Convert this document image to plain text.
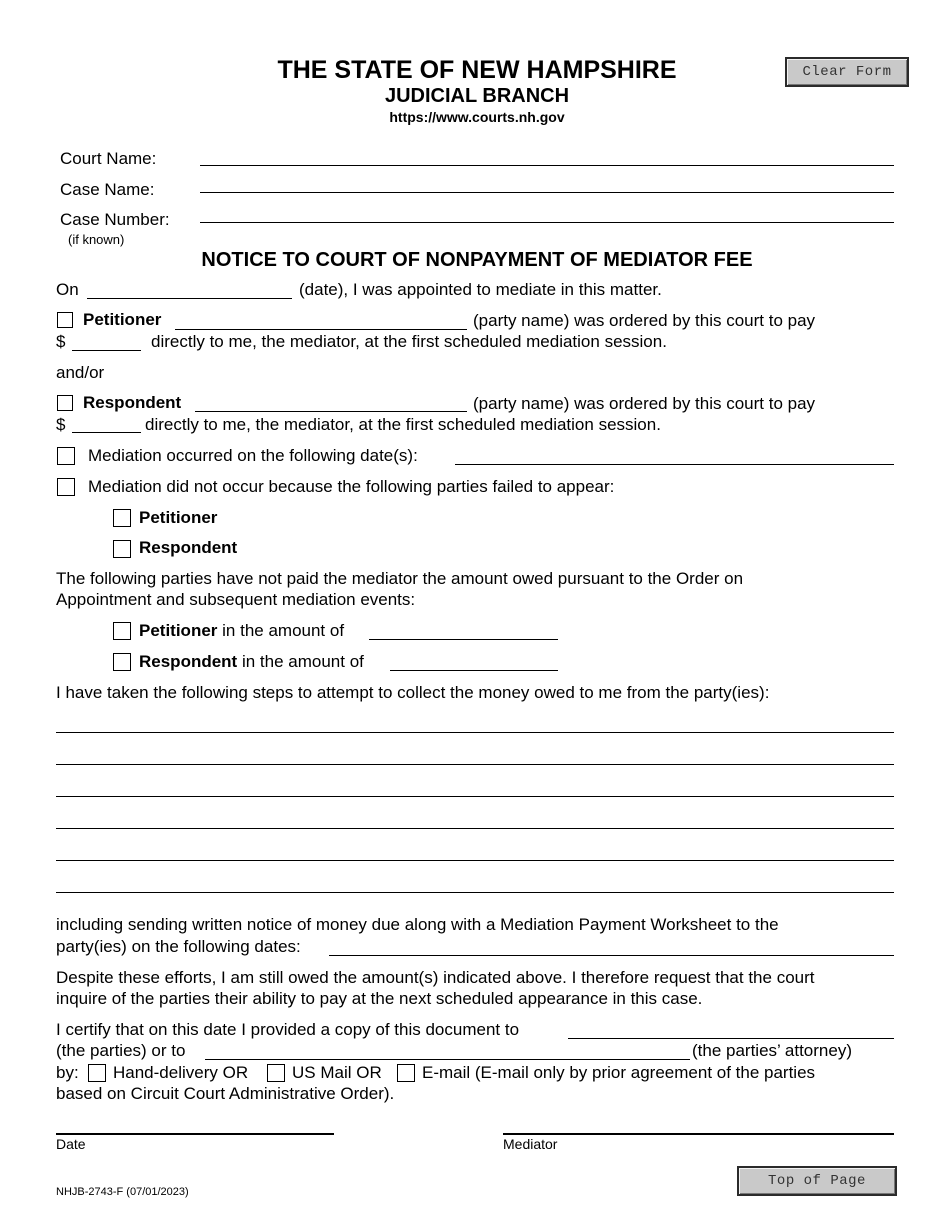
THE STATE OF NEW HAMPSHIRE
JUDICIAL BRANCH
https://www.courts.nh.gov
Clear Form
Court Name:
Case Name:
Case Number:
(if known)
NOTICE TO COURT OF NONPAYMENT OF MEDIATOR FEE
On	(date), I was appointed to mediate in this matter.
Petitioner	(party name) was ordered by this court to pay
$	directly to me, the mediator, at the first scheduled mediation session.
and/or
Respondent	(party name) was ordered by this court to pay
$	directly to me, the mediator, at the first scheduled mediation session.
Mediation occurred on the following date(s):
Mediation did not occur because the following parties failed to appear:
Petitioner
Respondent
The following parties have not paid the mediator the amount owed pursuant to the Order on
Appointment and subsequent mediation events:
Petitioner in the amount of
Respondent in the amount of
I have taken the following steps to attempt to collect the money owed to me from the party(ies):
including sending written notice of money due along with a Mediation Payment Worksheet to the
party(ies) on the following dates:
Despite these efforts, I am still owed the amount(s) indicated above. I therefore request that the court
inquire of the parties their ability to pay at the next scheduled appearance in this case.
I certify that on this date I provided a copy of this document to
(the parties) or to	(the parties’ attorney)
by: Hand-delivery OR	US Mail OR E-mail (E-mail only by prior agreement of the parties
based on Circuit Court Administrative Order).
Date	Mediator
NHJB-2743-F (07/01/2023)
Top of Page
